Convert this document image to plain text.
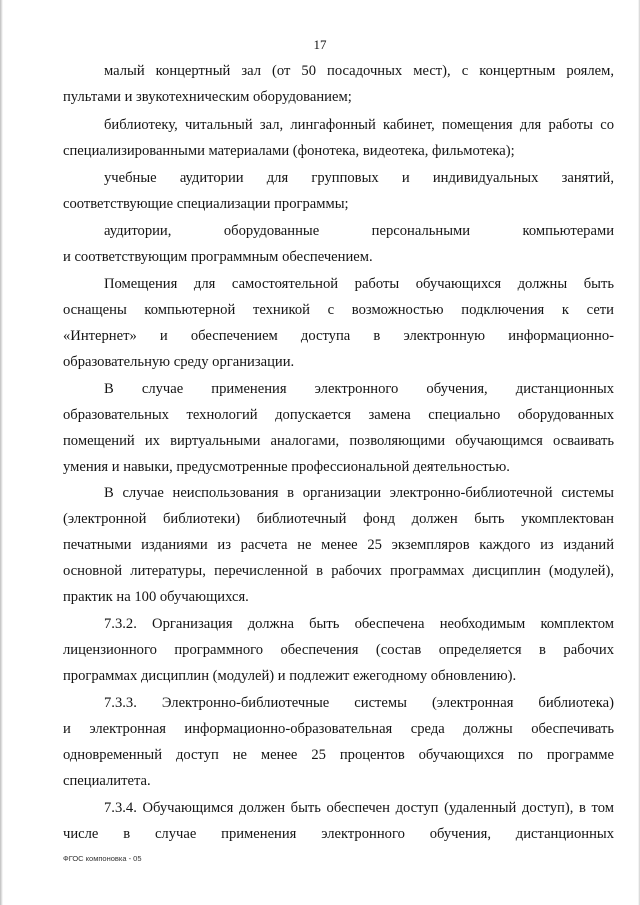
17

малый концертный зал (от 50 посадочных мест), с концертным роялем,

пультами и звукотехническим оборудованием;

библиотеку, читальный зал, лингафонный кабинет, помещения для работы со

специализированными материалами (фонотека, видеотека, фильмотека);

учебные аудитории для групповых и индивидуальных занятий,

соответствующие специализации программы;

аудитории, оборудованные персональными компьютерами

и соответствующим программным обеспечением.

Помещения для самостоятельной работы обучающихся должны быть

оснащены компьютерной техникой с возможностью подключения к сети

«Интернет» и обеспечением доступа в электронную информационно-

образовательную среду организации.

В случае применения электронного обучения, дистанционных

образовательных технологий допускается замена специально оборудованных

помещений их виртуальными аналогами, позволяющими обучающимся осваивать

умения и навыки, предусмотренные профессиональной деятельностью.

В случае неиспользования в организации электронно-библиотечной системы

(электронной библиотеки) библиотечный фонд должен быть укомплектован

печатными изданиями из расчета не менее 25 экземпляров каждого из изданий

основной литературы, перечисленной в рабочих программах дисциплин (модулей),

практик на 100 обучающихся.

7.3.2. Организация должна быть обеспечена необходимым комплектом

лицензионного программного обеспечения (состав определяется в рабочих

программах дисциплин (модулей) и подлежит ежегодному обновлению).

7.3.3. Электронно-библиотечные системы (электронная библиотека)

и электронная информационно-образовательная среда должны обеспечивать

одновременный доступ не менее 25 процентов обучающихся по программе

специалитета.

7.3.4. Обучающимся должен быть обеспечен доступ (удаленный доступ), в том

числе в случае применения электронного обучения, дистанционных

ФГОС компоновка - 05
